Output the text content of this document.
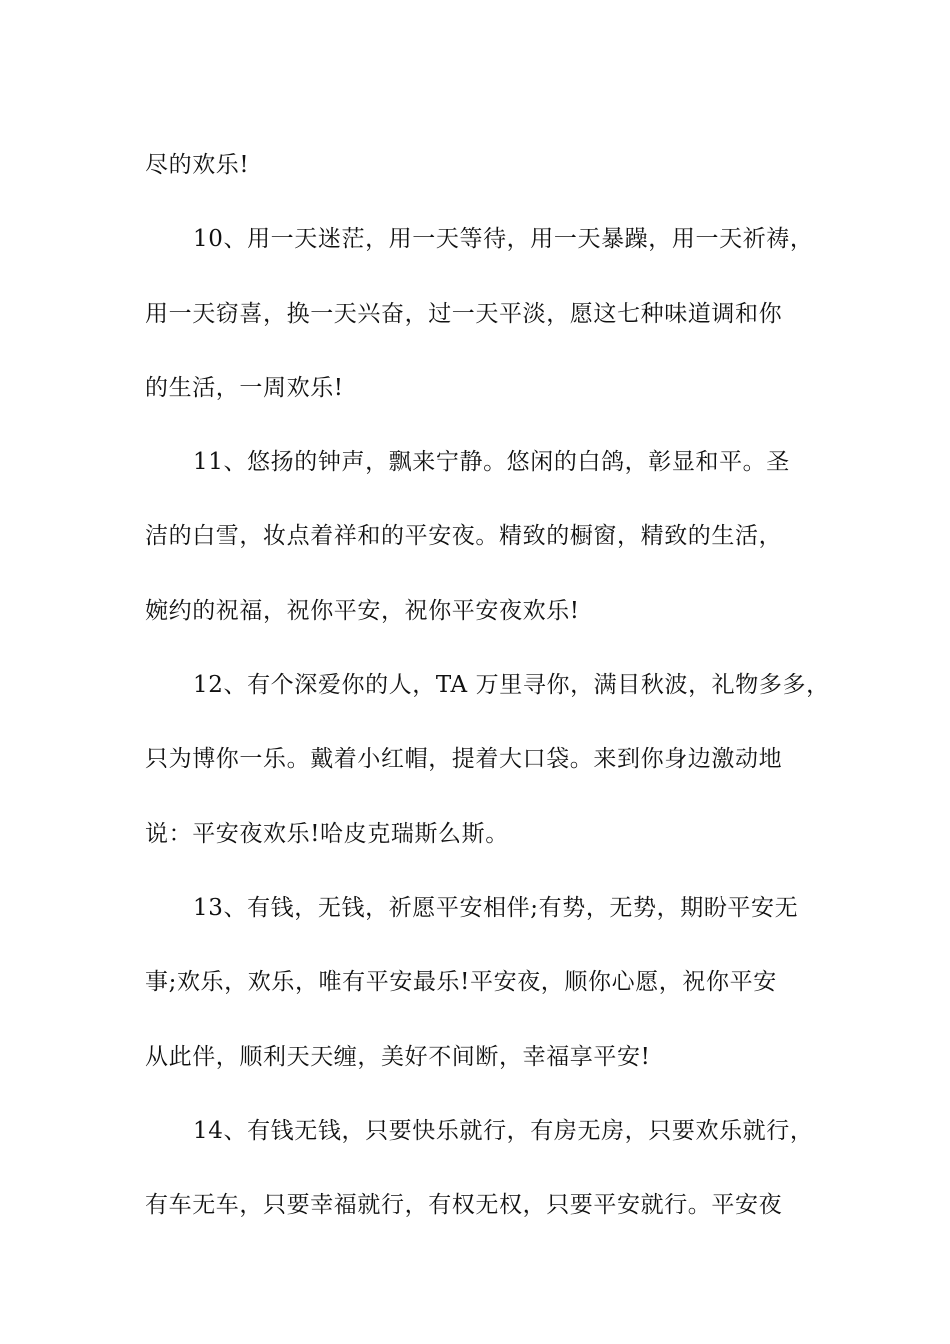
尽的欢乐!
10、用一天迷茫，用一天等待，用一天暴躁，用一天祈祷，
用一天窃喜，换一天兴奋，过一天平淡，愿这七种味道调和你
的生活，一周欢乐!
11、悠扬的钟声，飘来宁静。悠闲的白鸽，彰显和平。圣
洁的白雪，妆点着祥和的平安夜。精致的橱窗，精致的生活，
婉约的祝福，祝你平安，祝你平安夜欢乐!
12、有个深爱你的人，TA 万里寻你，满目秋波，礼物多多，
只为博你一乐。戴着小红帽，提着大口袋。来到你身边激动地
说：平安夜欢乐!哈皮克瑞斯么斯。
13、有钱，无钱，祈愿平安相伴;有势，无势，期盼平安无
事;欢乐，欢乐，唯有平安最乐!平安夜，顺你心愿，祝你平安
从此伴，顺利天天缠，美好不间断，幸福享平安!
14、有钱无钱，只要快乐就行，有房无房，只要欢乐就行，
有车无车，只要幸福就行，有权无权，只要平安就行。平安夜
